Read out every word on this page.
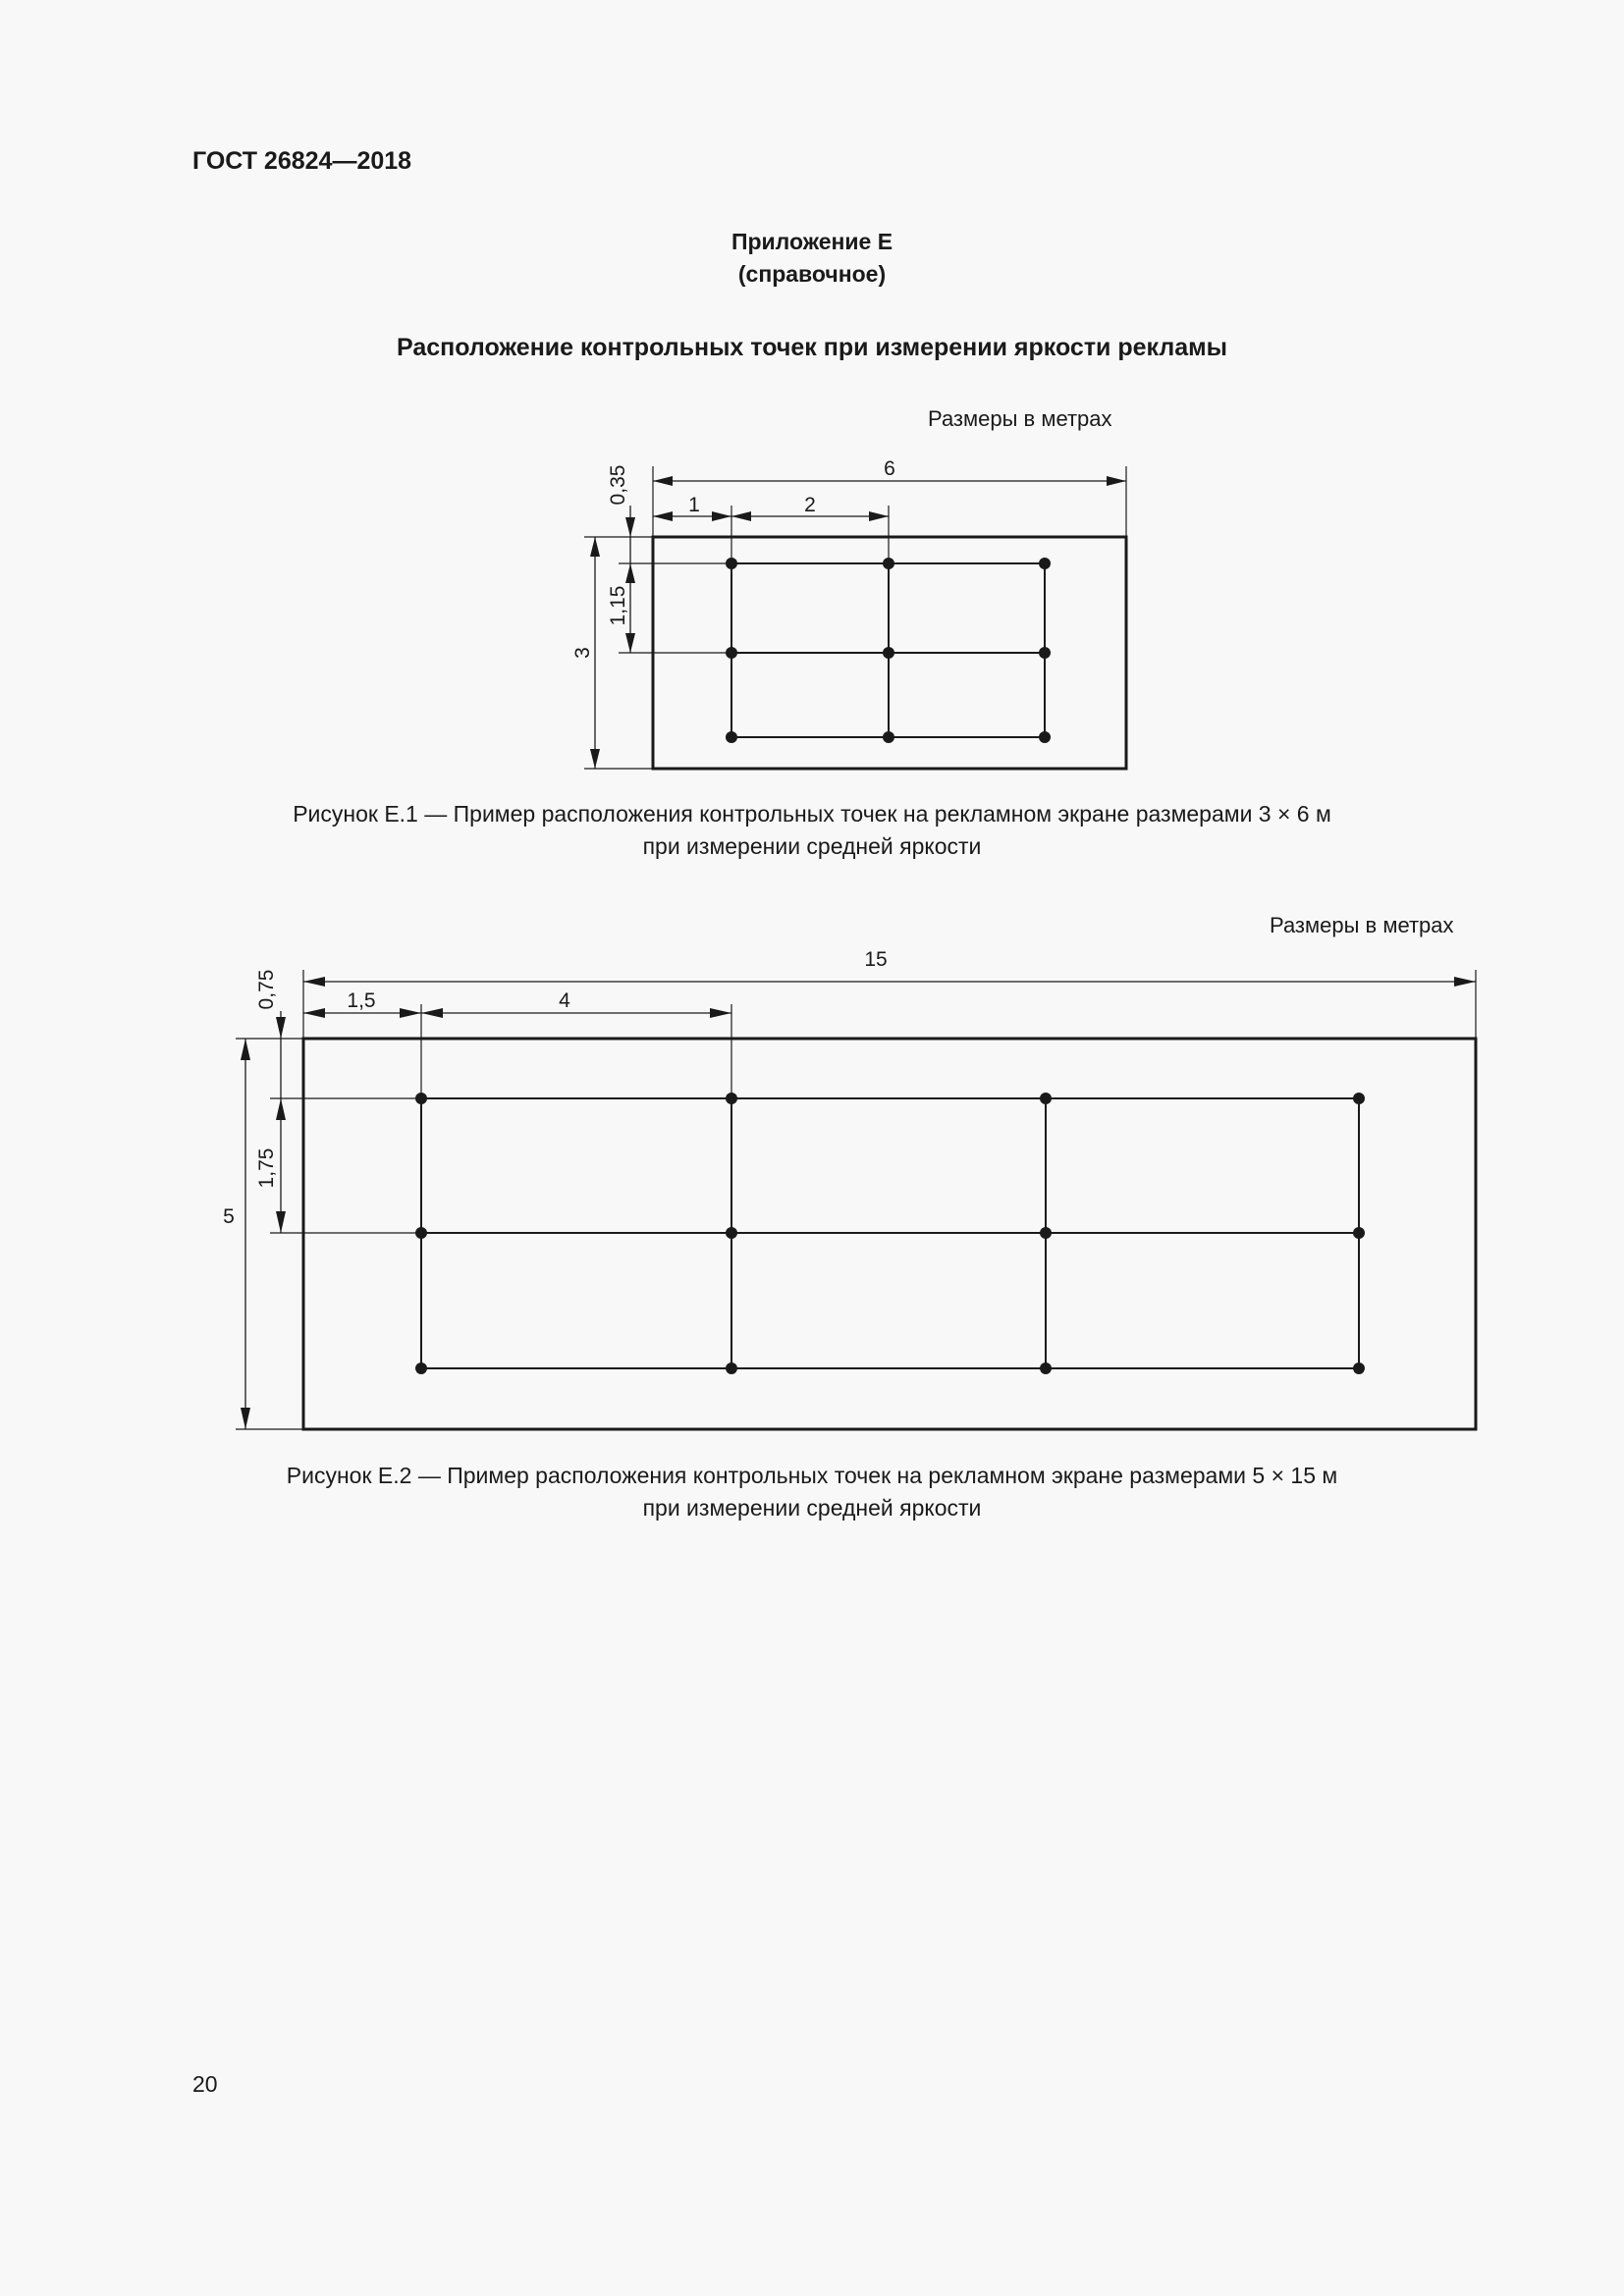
ГОСТ 26824—2018
Приложение Е
(справочное)
Расположение контрольных точек при измерении яркости рекламы
Размеры в метрах
6
1	2
3
0,35
1,15
Рисунок Е.1 — Пример расположения контрольных точек на рекламном экране размерами 3 × 6 м
при измерении средней яркости
Размеры в метрах
15
1,5	4
5
0,75
1,75
Рисунок Е.2 — Пример расположения контрольных точек на рекламном экране размерами 5 × 15 м
при измерении средней яркости
20
